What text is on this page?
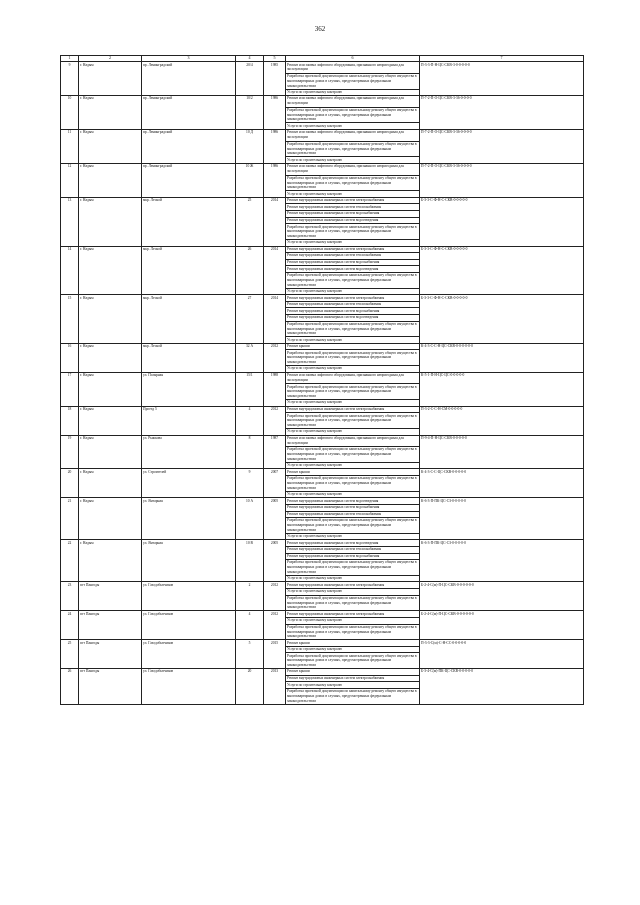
362
1	2	3	4	5	6	7
9	г. Надым	пр. Ленинградский	20/4	1985	Ремонт или замена лифтового оборудования, признанного непригодным для эксплуатации	П-3-3-П-Н-ЦС-СКВ-3-0-0-0-0-0
					Разработка проектной документации по капитальному ремонту общего имущества в многоквартирных домах в случаях, предусмотренных федеральным законодательством	
					Услуги по строительному контролю	
10	г. Надым	пр. Ленинградский	10/2	1986	Ремонт или замена лифтового оборудования, признанного непригодным для эксплуатации	П-7-2-П-О-ЦС-СКВ-3-36-0-0-0-0
					Разработка проектной документации по капитальному ремонту общего имущества в многоквартирных домах в случаях, предусмотренных федеральным законодательством	
					Услуги по строительному контролю	
11	г. Надым	пр. Ленинградский	10 Д	1986	Ремонт или замена лифтового оборудования, признанного непригодным для эксплуатации	П-7-2-П-О-ЦС-СКВ-3-36-0-0-0-0
					Разработка проектной документации по капитальному ремонту общего имущества в многоквартирных домах в случаях, предусмотренных федеральным законодательством	
					Услуги по строительному контролю	
12	г. Надым	пр. Ленинградский	10 Ж	1986	Ремонт или замена лифтового оборудования, признанного непригодным для эксплуатации	П-7-2-П-О-ЦС-СКВ-3-36-0-0-0-0
					Разработка проектной документации по капитальному ремонту общего имущества в многоквартирных домах в случаях, предусмотренных федеральным законодательством	
					Услуги по строительному контролю	
13	г. Надым	мкр. Лесной	25	2014	Ремонт внутридомовых инженерных систем электроснабжения	Б-3-3-С-Ф-Н-С-СКВ-0-0-0-0-0
					Ремонт внутридомовых инженерных систем теплоснабжения	
					Ремонт внутридомовых инженерных систем водоснабжения	
					Ремонт внутридомовых инженерных систем водоотведения	
					Разработка проектной документации по капитальному ремонту общего имущества в многоквартирных домах в случаях, предусмотренных федеральным законодательством	
					Услуги по строительному контролю	
14	г. Надым	мкр. Лесной	26	2014	Ремонт внутридомовых инженерных систем электроснабжения	Б-3-3-С-Ф-Н-С-СКВ-0-0-0-0-0
					Ремонт внутридомовых инженерных систем теплоснабжения	
					Ремонт внутридомовых инженерных систем водоснабжения	
					Ремонт внутридомовых инженерных систем водоотведения	
					Разработка проектной документации по капитальному ремонту общего имущества в многоквартирных домах в случаях, предусмотренных федеральным законодательством	
					Услуги по строительному контролю	
15	г. Надым	мкр. Лесной	27	2014	Ремонт внутридомовых инженерных систем электроснабжения	Б-3-3-С-Ф-Н-С-СКВ-0-0-0-0-0
					Ремонт внутридомовых инженерных систем теплоснабжения	
					Ремонт внутридомовых инженерных систем водоснабжения	
					Ремонт внутридомовых инженерных систем водоотведения	
					Разработка проектной документации по капитальному ремонту общего имущества в многоквартирных домах в случаях, предусмотренных федеральным законодательством	
					Услуги по строительному контролю	
16	г. Надым	мкр. Лесной	32 А	2012	Ремонт крыши	К-4-3-С-С-Н-ЦС-СКВ-0-0-0-0-0-0
					Разработка проектной документации по капитальному ремонту общего имущества в многоквартирных домах в случаях, предусмотренных федеральным законодательством	
					Услуги по строительному контролю	
17	г. Надым	ул. Полярная	15/1	1988	Ремонт или замена лифтового оборудования, признанного непригодным для эксплуатации	К-5-1-П-Н-ЦС-ЦС-0-0-0-0-0
					Разработка проектной документации по капитальному ремонту общего имущества в многоквартирных домах в случаях, предусмотренных федеральным законодательством	
					Услуги по строительному контролю	
18	г. Надым	Проезд 5	4	2012	Ремонт внутридомовых инженерных систем электроснабжения	П-3-2-С-С-Н-СМ-0-0-0-0-0
					Разработка проектной документации по капитальному ремонту общего имущества в многоквартирных домах в случаях, предусмотренных федеральным законодательством	
					Услуги по строительному контролю	
19	г. Надым	ул. Рыжкова	8	1987	Ремонт или замена лифтового оборудования, признанного непригодным для эксплуатации	П-9-4-П-Н-ЦС-СКВ-0-0-0-0-0
					Разработка проектной документации по капитальному ремонту общего имущества в многоквартирных домах в случаях, предусмотренных федеральным законодательством	
					Услуги по строительному контролю	
20	г. Надым	ул. Строителей	9	2007	Ремонт крыши	К-4-3-С-С-ЦС-СКВ-0-0-0-0-0
					Разработка проектной документации по капитальному ремонту общего имущества в многоквартирных домах в случаях, предусмотренных федеральным законодательством	
					Услуги по строительному контролю	
21	г. Надым	ул. Янтарная	10 А	2005	Ремонт внутридомовых инженерных систем водоотведения	К-6-3-П-ПК-ЦС-СЗ-0-0-0-0-0
					Ремонт внутридомовых инженерных систем водоснабжения	
					Ремонт внутридомовых инженерных систем теплоснабжения	
					Разработка проектной документации по капитальному ремонту общего имущества в многоквартирных домах в случаях, предусмотренных федеральным законодательством	
					Услуги по строительному контролю	
22	г. Надым	ул. Янтарная	10 В	2005	Ремонт внутридомовых инженерных систем водоотведения	К-6-3-П-ПК-ЦС-СЗ-0-0-0-0-0
					Ремонт внутридомовых инженерных систем теплоснабжения	
					Ремонт внутридомовых инженерных систем водоснабжения	
					Разработка проектной документации по капитальному ремонту общего имущества в многоквартирных домах в случаях, предусмотренных федеральным законодательством	
					Услуги по строительному контролю	
23	пгт Пангоды	ул. Газодобытчиков	2	2012	Ремонт внутридомовых инженерных систем электроснабжения	Б-2-4-С(м)-П-ЦС-СКВ-0-0-0-0-0-0
					Услуги по строительному контролю	
					Разработка проектной документации по капитальному ремонту общего имущества в многоквартирных домах в случаях, предусмотренных федеральным законодательством	
24	пгт Пангоды	ул. Газодобытчиков	4	2012	Ремонт внутридомовых инженерных систем электроснабжения	Б-2-4-С(м)-П-ЦС-СКВ-0-0-0-0-0-0
					Услуги по строительному контролю	
					Разработка проектной документации по капитальному ремонту общего имущества в многоквартирных домах в случаях, предусмотренных федеральным законодательством	
25	пгт Пангоды	ул. Газодобытчиков	5	2015	Ремонт крыши	П-3-3-С(м)-С-Н-СС-0-0-0-0-0
					Услуги по строительному контролю	
					Разработка проектной документации по капитальному ремонту общего имущества в многоквартирных домах в случаях, предусмотренных федеральным законодательством	
26	пгт Пангоды	ул. Газодобытчиков	20	2013	Ремонт крыши	Б-3-4-С(м)-ПК-ЦС-СКВ-0-0-0-0-0
					Ремонт внутридомовых инженерных систем электроснабжения	
					Услуги по строительному контролю	
					Разработка проектной документации по капитальному ремонту общего имущества в многоквартирных домах в случаях, предусмотренных федеральным законодательством	
